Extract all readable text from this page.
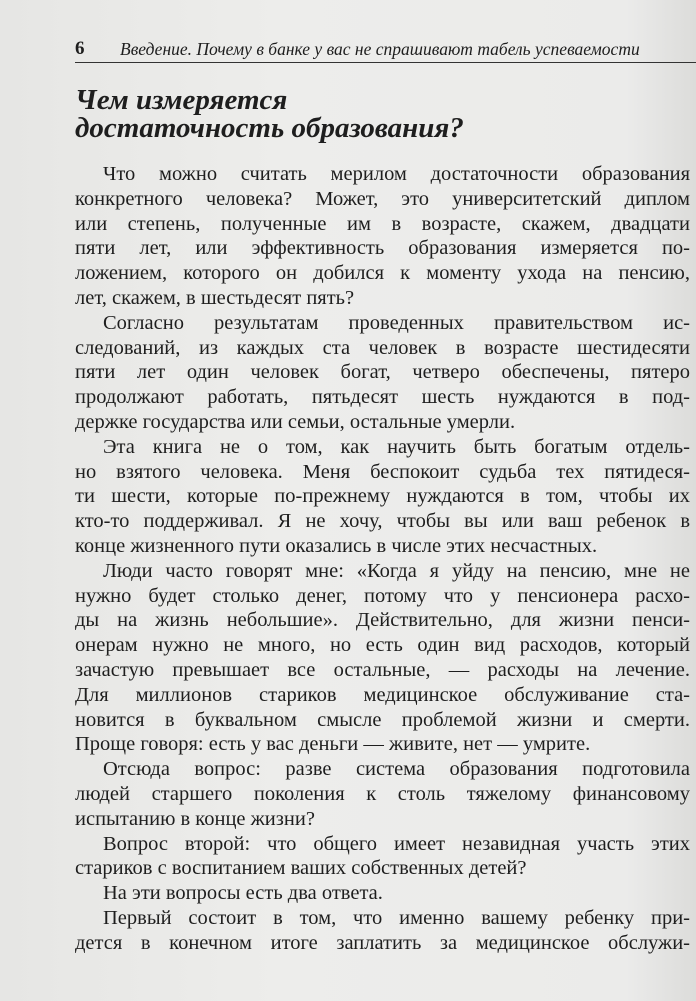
6 Введение. Почему в банке у вас не спрашивают табель успеваемости
Чем измеряется
достаточность образования?
Что можно считать мерилом достаточности образования
конкретного человека? Может, это университетский диплом
или степень, полученные им в возрасте, скажем, двадцати
пяти лет, или эффективность образования измеряется по-
ложением, которого он добился к моменту ухода на пенсию,
лет, скажем, в шестьдесят пять?
Согласно результатам проведенных правительством ис-
следований, из каждых ста человек в возрасте шестидесяти
пяти лет один человек богат, четверо обеспечены, пятеро
продолжают работать, пятьдесят шесть нуждаются в под-
держке государства или семьи, остальные умерли.
Эта книга не о том, как научить быть богатым отдель-
но взятого человека. Меня беспокоит судьба тех пятидеся-
ти шести, которые по-прежнему нуждаются в том, чтобы их
кто-то поддерживал. Я не хочу, чтобы вы или ваш ребенок в
конце жизненного пути оказались в числе этих несчастных.
Люди часто говорят мне: «Когда я уйду на пенсию, мне не
нужно будет столько денег, потому что у пенсионера расхо-
ды на жизнь небольшие». Действительно, для жизни пенси-
онерам нужно не много, но есть один вид расходов, который
зачастую превышает все остальные, — расходы на лечение.
Для миллионов стариков медицинское обслуживание ста-
новится в буквальном смысле проблемой жизни и смерти.
Проще говоря: есть у вас деньги — живите, нет — умрите.
Отсюда вопрос: разве система образования подготовила
людей старшего поколения к столь тяжелому финансовому
испытанию в конце жизни?
Вопрос второй: что общего имеет незавидная участь этих
стариков с воспитанием ваших собственных детей?
На эти вопросы есть два ответа.
Первый состоит в том, что именно вашему ребенку при-
дется в конечном итоге заплатить за медицинское обслужи-
